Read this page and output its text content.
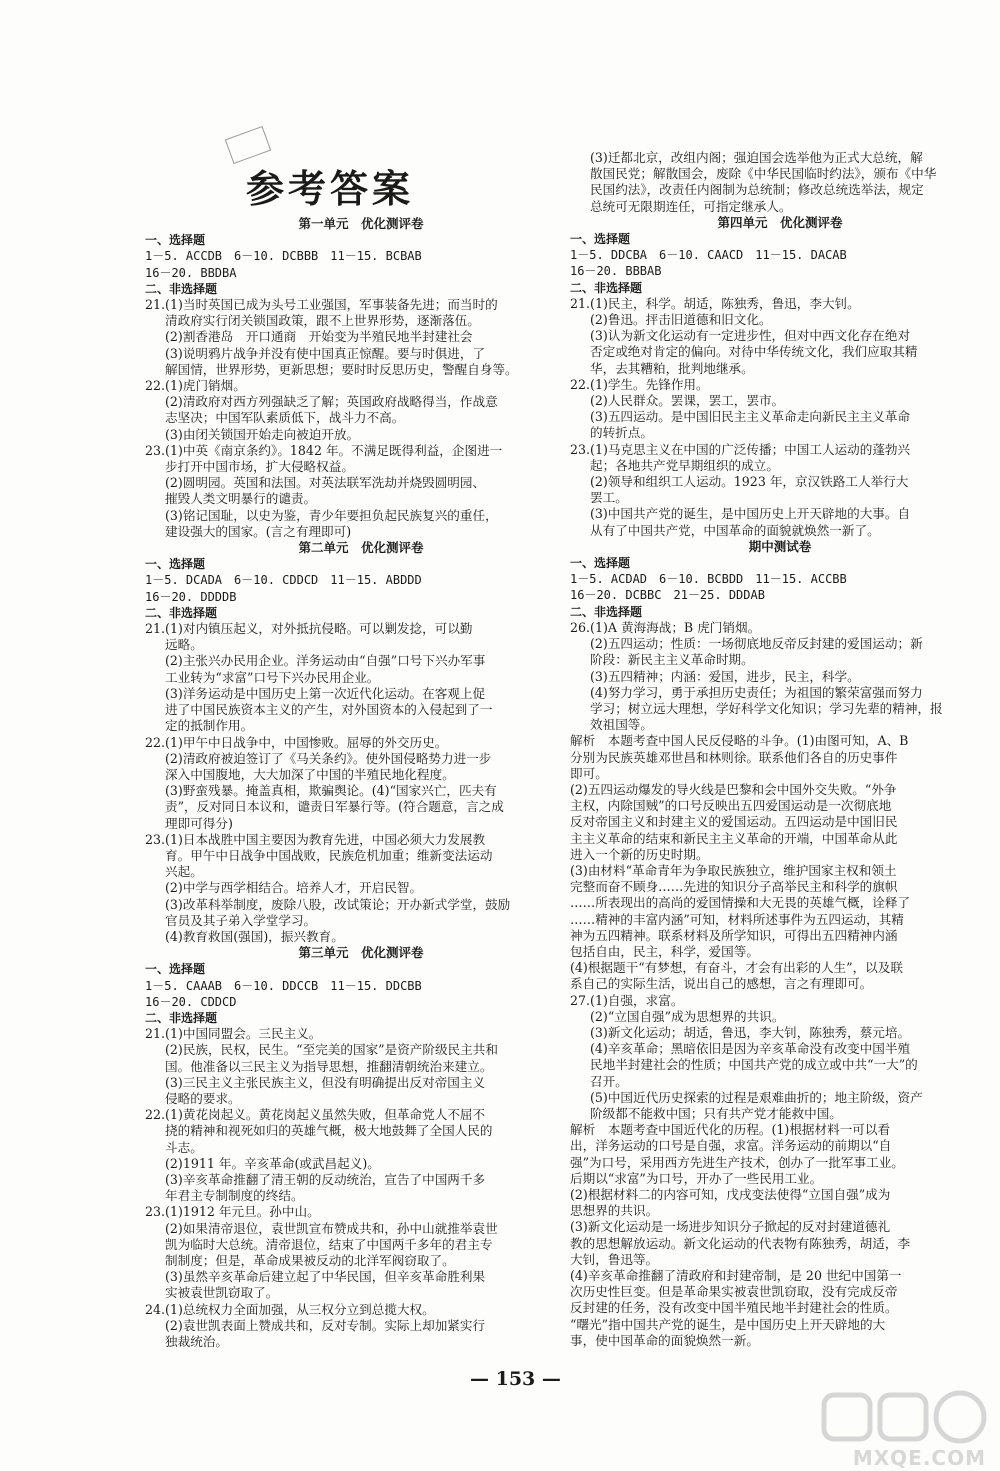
参考答案
第一单元　优化测评卷
一、选择题
1－5. ACCDB　6－10. DCBBB　11－15. BCBAB
16－20. BBDBA
二、非选择题
21.(1)当时英国已成为头号工业强国，军事装备先进；而当时的
清政府实行闭关锁国政策，跟不上世界形势，逐渐落伍。
(2)割香港岛　开口通商　开始变为半殖民地半封建社会
(3)说明鸦片战争并没有使中国真正惊醒。要与时俱进，了
解国情，世界形势，更新思想；要时时反思历史，警醒自身等。
22.(1)虎门销烟。
(2)清政府对西方列强缺乏了解；英国政府战略得当，作战意
志坚决；中国军队素质低下，战斗力不高。
(3)由闭关锁国开始走向被迫开放。
23.(1)中英《南京条约》。1842 年。不满足既得利益，企图进一
步打开中国市场，扩大侵略权益。
(2)圆明园。英国和法国。对英法联军洗劫并烧毁圆明园、
摧毁人类文明暴行的谴责。
(3)铭记国耻，以史为鉴，青少年要担负起民族复兴的重任，
建设强大的国家。(言之有理即可)
第二单元　优化测评卷
一、选择题
1－5. DCADA　6－10. CDDCD　11－15. ABDDD
16－20. DDDDB
二、非选择题
21.(1)对内镇压起义，对外抵抗侵略。可以剿发捻，可以勤
远略。
(2)主张兴办民用企业。洋务运动由“自强”口号下兴办军事
工业转为“求富”口号下兴办民用企业。
(3)洋务运动是中国历史上第一次近代化运动。在客观上促
进了中国民族资本主义的产生，对外国资本的入侵起到了一
定的抵制作用。
22.(1)甲午中日战争中，中国惨败。屈辱的外交历史。
(2)清政府被迫签订了《马关条约》。使外国侵略势力进一步
深入中国腹地，大大加深了中国的半殖民地化程度。
(3)野蛮残暴。掩盖真相，欺骗舆论。(4)“国家兴亡，匹夫有
责”，反对同日本议和，谴责日军暴行等。(符合题意，言之成
理即可得分)
23.(1)日本战胜中国主要因为教育先进，中国必须大力发展教
育。甲午中日战争中国战败，民族危机加重；维新变法运动
兴起。
(2)中学与西学相结合。培养人才，开启民智。
(3)改革科举制度，废除八股，改试策论；开办新式学堂，鼓励
官员及其子弟入学堂学习。
(4)教育救国(强国)，振兴教育。
第三单元　优化测评卷
一、选择题
1－5. CAAAB　6－10. DDCCB　11－15. DDCBB
16－20. CDDCD
二、非选择题
21.(1)中国同盟会。三民主义。
(2)民族，民权，民生。“至完美的国家”是资产阶级民主共和
国。他准备以三民主义为指导思想，推翻清朝统治来建立。
(3)三民主义主张民族主义，但没有明确提出反对帝国主义
侵略的要求。
22.(1)黄花岗起义。黄花岗起义虽然失败，但革命党人不屈不
挠的精神和视死如归的英雄气概，极大地鼓舞了全国人民的
斗志。
(2)1911 年。辛亥革命(或武昌起义)。
(3)辛亥革命推翻了清王朝的反动统治，宣告了中国两千多
年君主专制制度的终结。
23.(1)1912 年元旦。孙中山。
(2)如果清帝退位，袁世凯宣布赞成共和，孙中山就推举袁世
凯为临时大总统。清帝退位，结束了中国两千多年的君主专
制制度；但是，革命成果被反动的北洋军阀窃取了。
(3)虽然辛亥革命后建立起了中华民国，但辛亥革命胜利果
实被袁世凯窃取了。
24.(1)总统权力全面加强，从三权分立到总揽大权。
(2)袁世凯表面上赞成共和，反对专制。实际上却加紧实行
独裁统治。
(3)迁都北京，改组内阁；强迫国会选举他为正式大总统，解
散国民党；解散国会，废除《中华民国临时约法》，颁布《中华
民国约法》，改责任内阁制为总统制；修改总统选举法，规定
总统可无限期连任，可指定继承人。
第四单元　优化测评卷
一、选择题
1－5. DDCBA　6－10. CAACD　11－15. DACAB
16－20. BBBAB
二、非选择题
21.(1)民主，科学。胡适，陈独秀，鲁迅，李大钊。
(2)鲁迅。抨击旧道德和旧文化。
(3)认为新文化运动有一定进步性，但对中西文化存在绝对
否定或绝对肯定的偏向。对待中华传统文化，我们应取其精
华，去其糟粕，批判地继承。
22.(1)学生。先锋作用。
(2)人民群众。罢课，罢工，罢市。
(3)五四运动。是中国旧民主主义革命走向新民主主义革命
的转折点。
23.(1)马克思主义在中国的广泛传播；中国工人运动的蓬勃兴
起；各地共产党早期组织的成立。
(2)领导和组织工人运动。1923 年，京汉铁路工人举行大
罢工。
(3)中国共产党的诞生，是中国历史上开天辟地的大事。自
从有了中国共产党，中国革命的面貌就焕然一新了。
期中测试卷
一、选择题
1－5. ACDAD　6－10. BCBDD　11－15. ACCBB
16－20. DCBBC　21－25. DDDAB
二、非选择题
26.(1)A 黄海海战；B 虎门销烟。
(2)五四运动；性质：一场彻底地反帝反封建的爱国运动；新
阶段：新民主主义革命时期。
(3)五四精神；内涵：爱国，进步，民主，科学。
(4)努力学习，勇于承担历史责任；为祖国的繁荣富强而努力
学习；树立远大理想，学好科学文化知识；学习先辈的精神，报
效祖国等。
解析　本题考查中国人民反侵略的斗争。(1)由图可知，A、B
分别为民族英雄邓世昌和林则徐。联系他们各自的历史事件
即可。
(2)五四运动爆发的导火线是巴黎和会中国外交失败。“外争
主权，内除国贼”的口号反映出五四爱国运动是一次彻底地
反对帝国主义和封建主义的爱国运动。五四运动是中国旧民
主主义革命的结束和新民主主义革命的开端，中国革命从此
进入一个新的历史时期。
(3)由材料“革命青年为争取民族独立，维护国家主权和领土
完整而奋不顾身……先进的知识分子高举民主和科学的旗帜
……所表现出的高尚的爱国情操和大无畏的英雄气概，诠释了
……精神的丰富内涵”可知，材料所述事件为五四运动，其精
神为五四精神。联系材料及所学知识，可得出五四精神内涵
包括自由，民主，科学，爱国等。
(4)根据题干“有梦想，有奋斗，才会有出彩的人生”，以及联
系自己的实际生活，说出自己的感想，言之有理即可。
27.(1)自强，求富。
(2)“立国自强”成为思想界的共识。
(3)新文化运动；胡适，鲁迅，李大钊，陈独秀，蔡元培。
(4)辛亥革命；黑暗依旧是因为辛亥革命没有改变中国半殖
民地半封建社会的性质；中国共产党的成立或中共“一大”的
召开。
(5)中国近代历史探索的过程是艰难曲折的；地主阶级，资产
阶级都不能救中国；只有共产党才能救中国。
解析　本题考查中国近代化的历程。(1)根据材料一可以看
出，洋务运动的口号是自强，求富。洋务运动的前期以“自
强”为口号，采用西方先进生产技术，创办了一批军事工业。
后期以“求富”为口号，开办了一些民用工业。
(2)根据材料二的内容可知，戊戌变法使得“立国自强”成为
思想界的共识。
(3)新文化运动是一场进步知识分子掀起的反对封建道德礼
教的思想解放运动。新文化运动的代表物有陈独秀，胡适，李
大钊，鲁迅等。
(4)辛亥革命推翻了清政府和封建帝制，是 20 世纪中国第一
次历史性巨变。但是革命果实被袁世凯窃取，没有完成反帝
反封建的任务，没有改变中国半殖民地半封建社会的性质。
“曙光”指中国共产党的诞生，是中国历史上开天辟地的大
事，使中国革命的面貌焕然一新。
— 153 —
MXQE.COM
